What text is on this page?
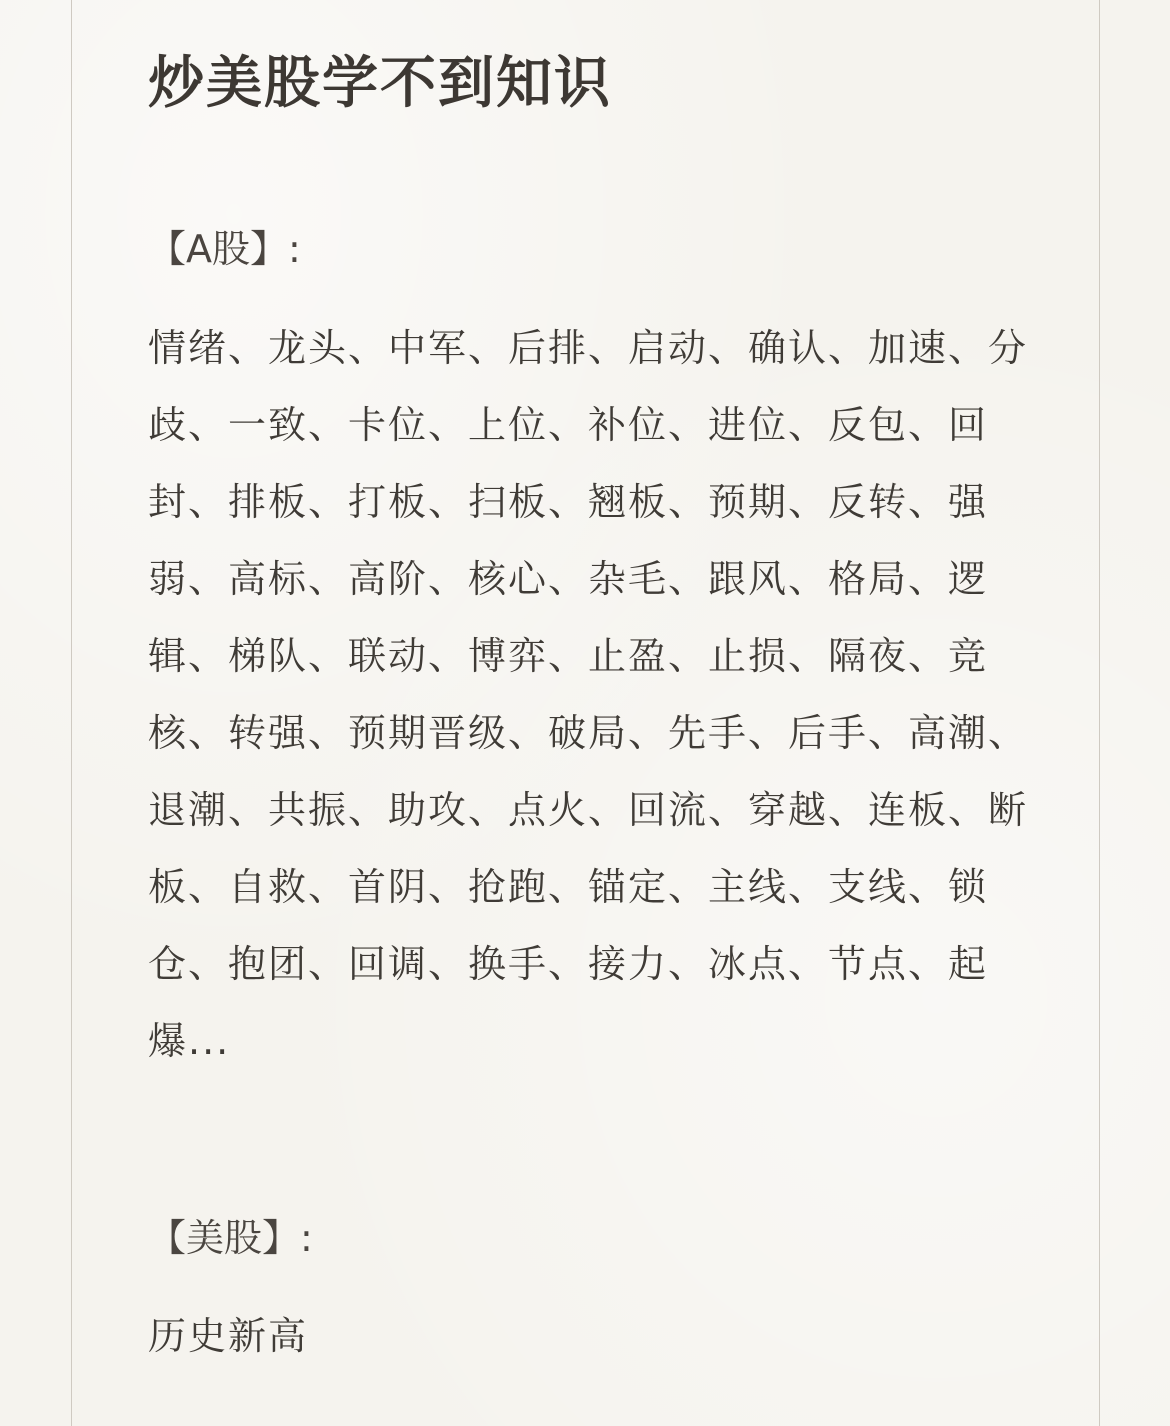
炒美股学不到知识

【A股】:

情绪、龙头、中军、后排、启动、确认、加速、分歧、一致、卡位、上位、补位、进位、反包、回封、排板、打板、扫板、翘板、预期、反转、强弱、高标、高阶、核心、杂毛、跟风、格局、逻辑、梯队、联动、博弈、止盈、止损、隔夜、竞核、转强、预期晋级、破局、先手、后手、高潮、退潮、共振、助攻、点火、回流、穿越、连板、断板、自救、首阴、抢跑、锚定、主线、支线、锁仓、抱团、回调、换手、接力、冰点、节点、起爆...

【美股】:

历史新高
